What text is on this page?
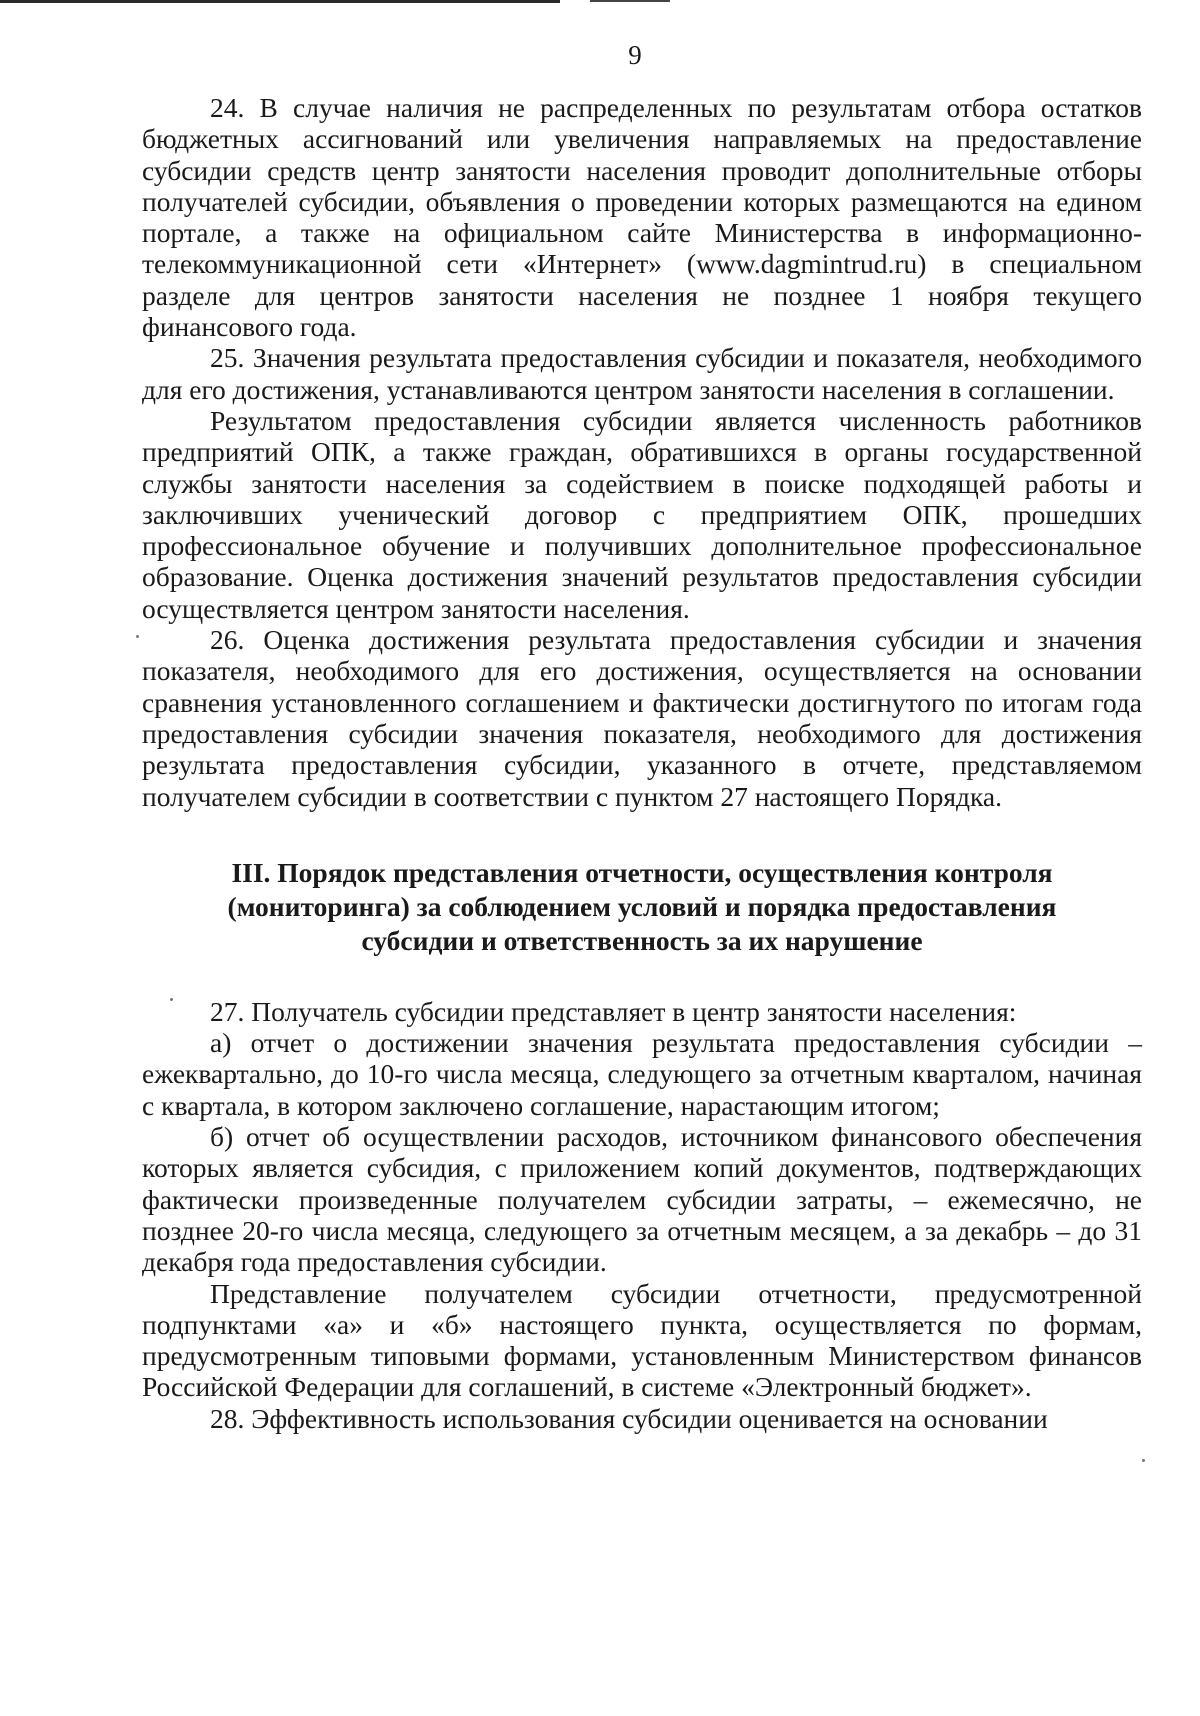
9

24. В случае наличия не распределенных по результатам отбора остатков бюджетных ассигнований или увеличения направляемых на предоставление субсидии средств центр занятости населения проводит дополнительные отборы получателей субсидии, объявления о проведении которых размещаются на едином портале, а также на официальном сайте Министерства в информационно-телекоммуникационной сети «Интернет» (www.dagmintrud.ru) в специальном разделе для центров занятости населения не позднее 1 ноября текущего финансового года.

25. Значения результата предоставления субсидии и показателя, необходимого для его достижения, устанавливаются центром занятости населения в соглашении.

Результатом предоставления субсидии является численность работников предприятий ОПК, а также граждан, обратившихся в органы государственной службы занятости населения за содействием в поиске подходящей работы и заключивших ученический договор с предприятием ОПК, прошедших профессиональное обучение и получивших дополнительное профессиональное образование. Оценка достижения значений результатов предоставления субсидии осуществляется центром занятости населения.

26. Оценка достижения результата предоставления субсидии и значения показателя, необходимого для его достижения, осуществляется на основании сравнения установленного соглашением и фактически достигнутого по итогам года предоставления субсидии значения показателя, необходимого для достижения результата предоставления субсидии, указанного в отчете, представляемом получателем субсидии в соответствии с пунктом 27 настоящего Порядка.

III. Порядок представления отчетности, осуществления контроля
(мониторинга) за соблюдением условий и порядка предоставления
субсидии и ответственность за их нарушение

27. Получатель субсидии представляет в центр занятости населения:

а) отчет о достижении значения результата предоставления субсидии – ежеквартально, до 10-го числа месяца, следующего за отчетным кварталом, начиная с квартала, в котором заключено соглашение, нарастающим итогом;

б) отчет об осуществлении расходов, источником финансового обеспечения которых является субсидия, с приложением копий документов, подтверждающих фактически произведенные получателем субсидии затраты, – ежемесячно, не позднее 20-го числа месяца, следующего за отчетным месяцем, а за декабрь – до 31 декабря года предоставления субсидии.

Представление получателем субсидии отчетности, предусмотренной подпунктами «а» и «б» настоящего пункта, осуществляется по формам, предусмотренным типовыми формами, установленным Министерством финансов Российской Федерации для соглашений, в системе «Электронный бюджет».

28. Эффективность использования субсидии оценивается на основании
